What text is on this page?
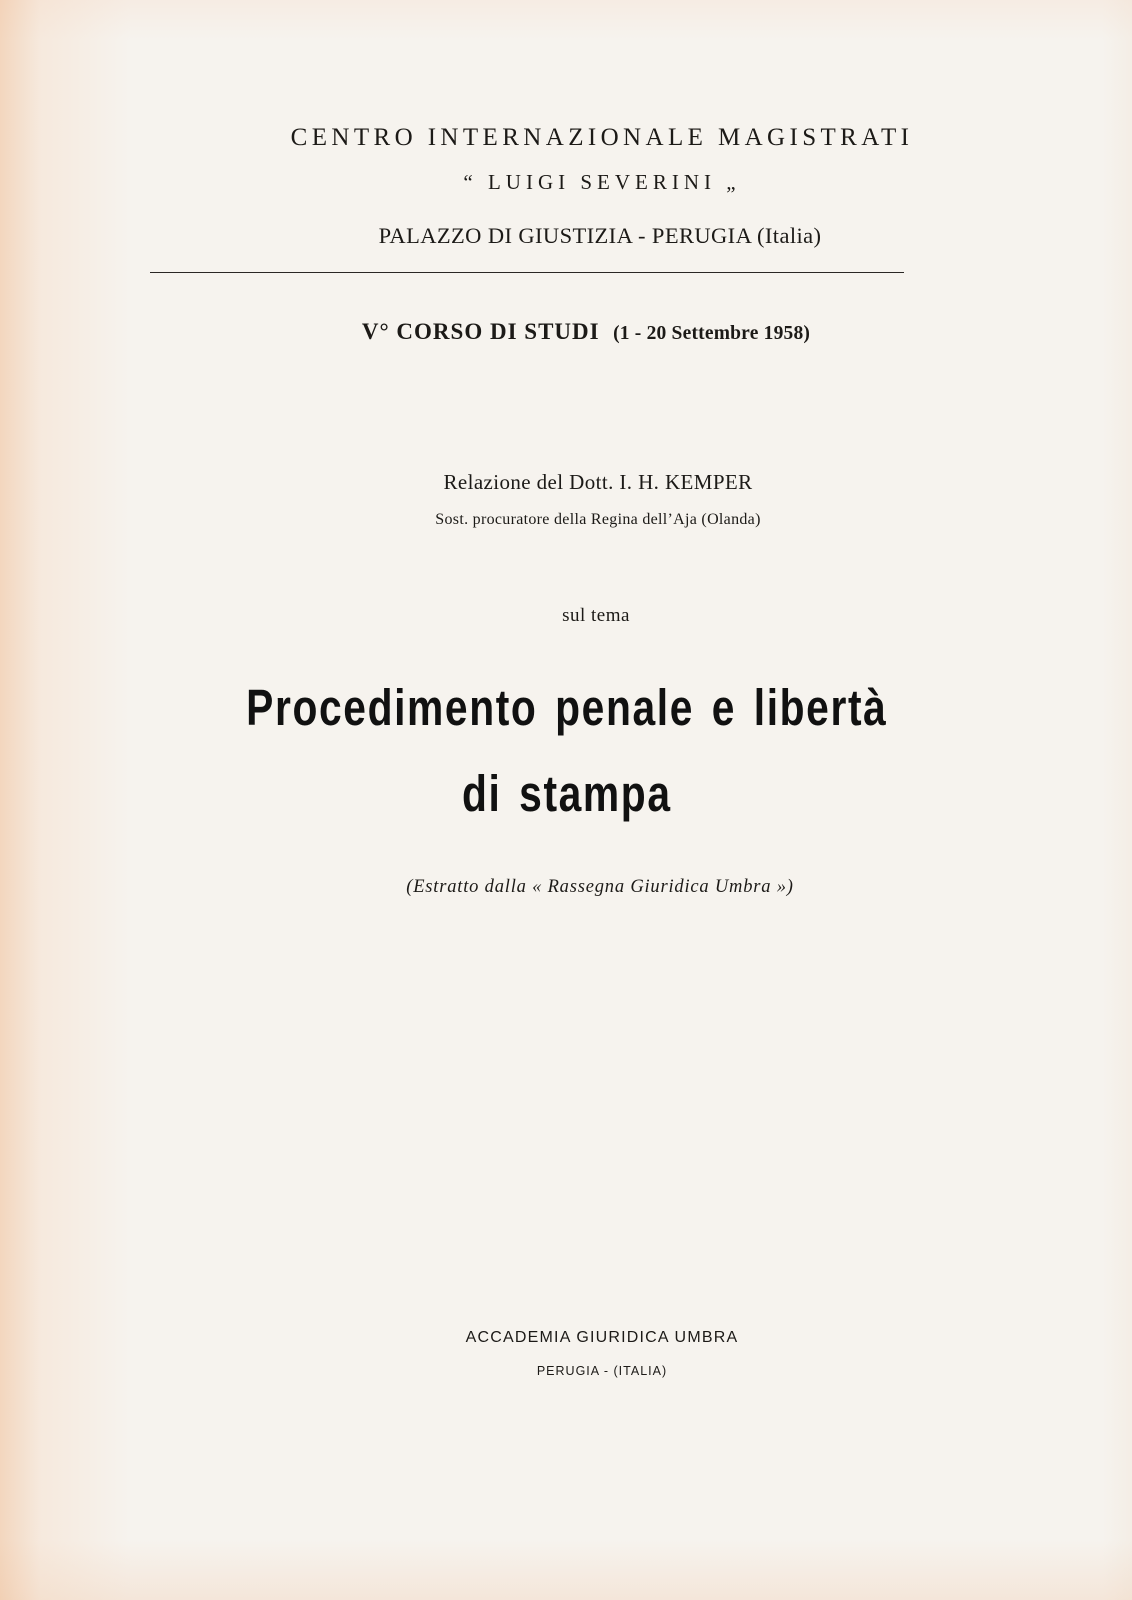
CENTRO INTERNAZIONALE MAGISTRATI
“ LUIGI SEVERINI „
PALAZZO DI GIUSTIZIA - PERUGIA (Italia)
V° CORSO DI STUDI (1 - 20 Settembre 1958)
Relazione del Dott. I. H. KEMPER
Sost. procuratore della Regina dell’Aja (Olanda)
sul tema
Procedimento penale e libertà
di stampa
(Estratto dalla « Rassegna Giuridica Umbra »)
ACCADEMIA GIURIDICA UMBRA
PERUGIA - (ITALIA)
